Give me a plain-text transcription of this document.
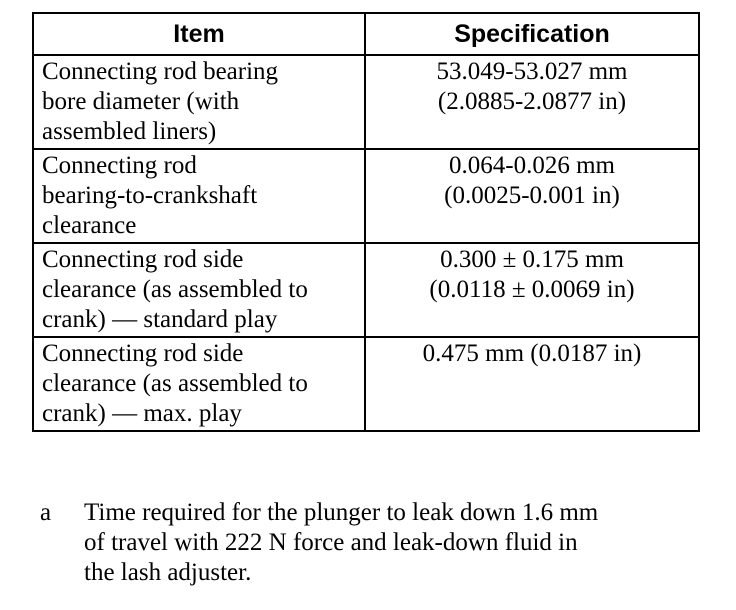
Item	Specification

Connecting rod bearing
bore diameter (with
assembled liners)	53.049-53.027 mm
(2.0885-2.0877 in)

Connecting rod
bearing-to-crankshaft
clearance	0.064-0.026 mm
(0.0025-0.001 in)

Connecting rod side
clearance (as assembled to
crank) — standard play	0.300 ± 0.175 mm
(0.0118 ± 0.0069 in)

Connecting rod side
clearance (as assembled to
crank) — max. play	0.475 mm (0.0187 in)
a Time required for the plunger to leak down 1.6 mm
of travel with 222 N force and leak-down fluid in
the lash adjuster.
